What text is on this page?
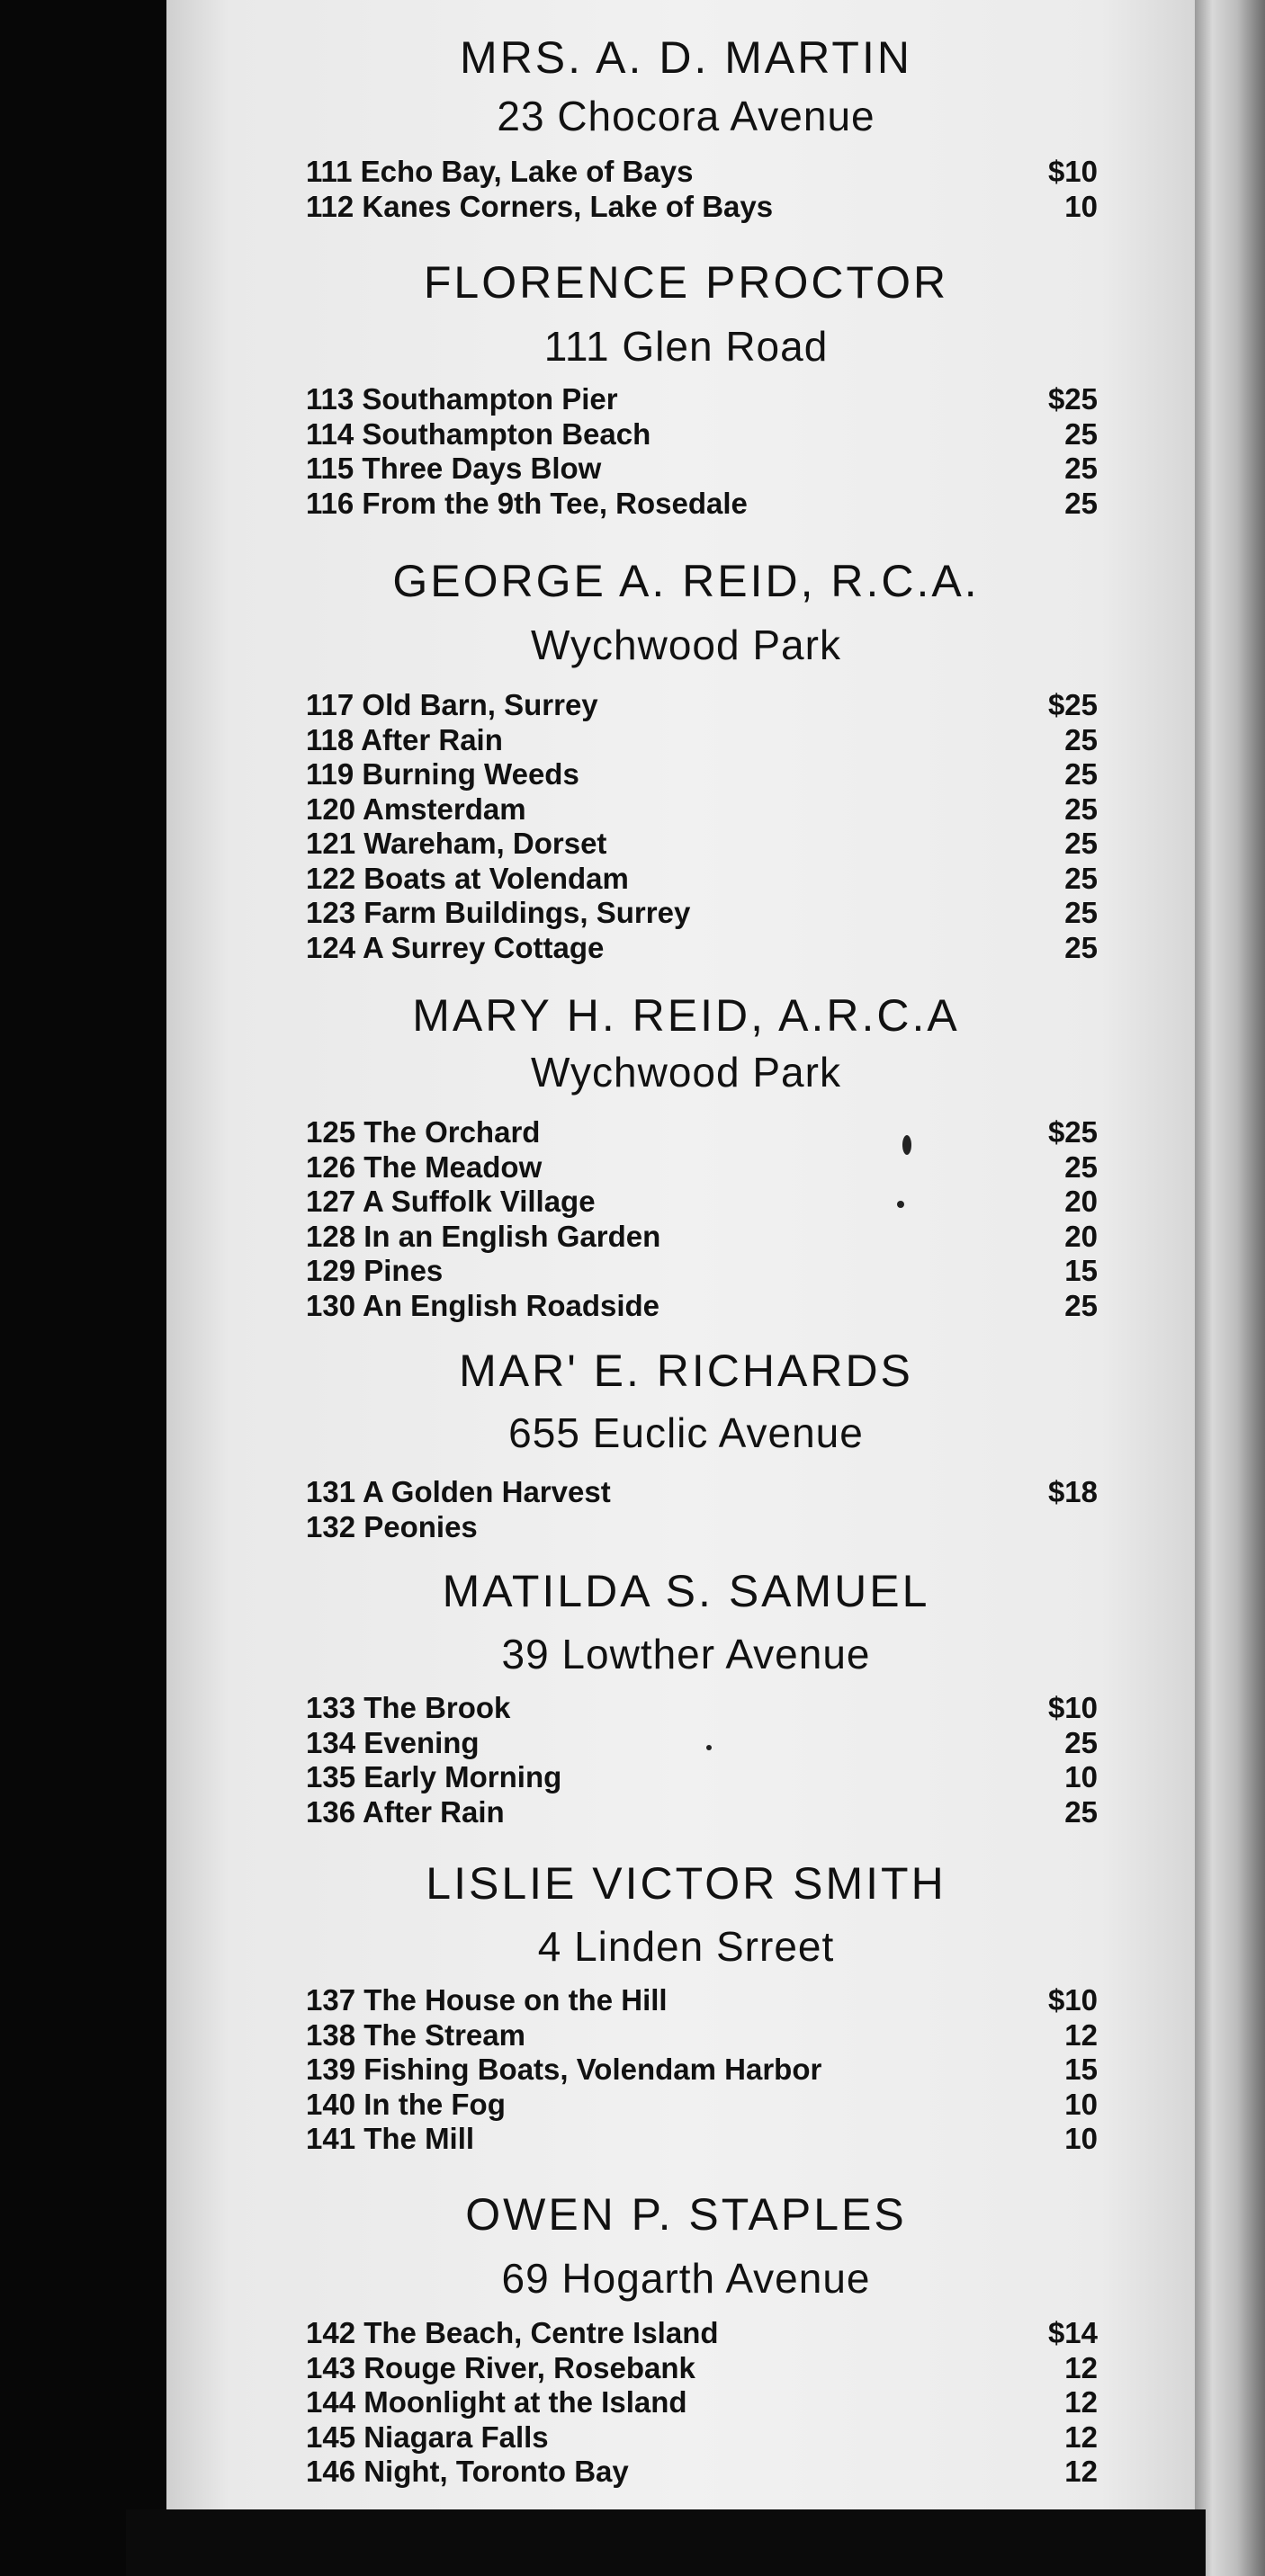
MRS. A. D. MARTIN
23 Chocora Avenue
111 Echo Bay, Lake of Bays	$10
112 Kanes Corners, Lake of Bays	10
FLORENCE PROCTOR
111 Glen Road
113 Southampton Pier	$25
114 Southampton Beach	25
115 Three Days Blow	25
116 From the 9th Tee, Rosedale	25
GEORGE A. REID, R.C.A.
Wychwood Park
117 Old Barn, Surrey	$25
118 After Rain	25
119 Burning Weeds	25
120 Amsterdam	25
121 Wareham, Dorset	25
122 Boats at Volendam	25
123 Farm Buildings, Surrey	25
124 A Surrey Cottage	25
MARY H. REID, A.R.C.A
Wychwood Park
125 The Orchard	$25
126 The Meadow	25
127 A Suffolk Village	20
128 In an English Garden	20
129 Pines	15
130 An English Roadside	25
MAR' E. RICHARDS
655 Euclic Avenue
131 A Golden Harvest	$18
132 Peonies
MATILDA S. SAMUEL
39 Lowther Avenue
133 The Brook	$10
134 Evening	25
135 Early Morning	10
136 After Rain	25
LISLIE VICTOR SMITH
4 Linden Srreet
137 The House on the Hill	$10
138 The Stream	12
139 Fishing Boats, Volendam Harbor	15
140 In the Fog	10
141 The Mill	10
OWEN P. STAPLES
69 Hogarth Avenue
142 The Beach, Centre Island	$14
143 Rouge River, Rosebank	12
144 Moonlight at the Island	12
145 Niagara Falls	12
146 Night, Toronto Bay	12
